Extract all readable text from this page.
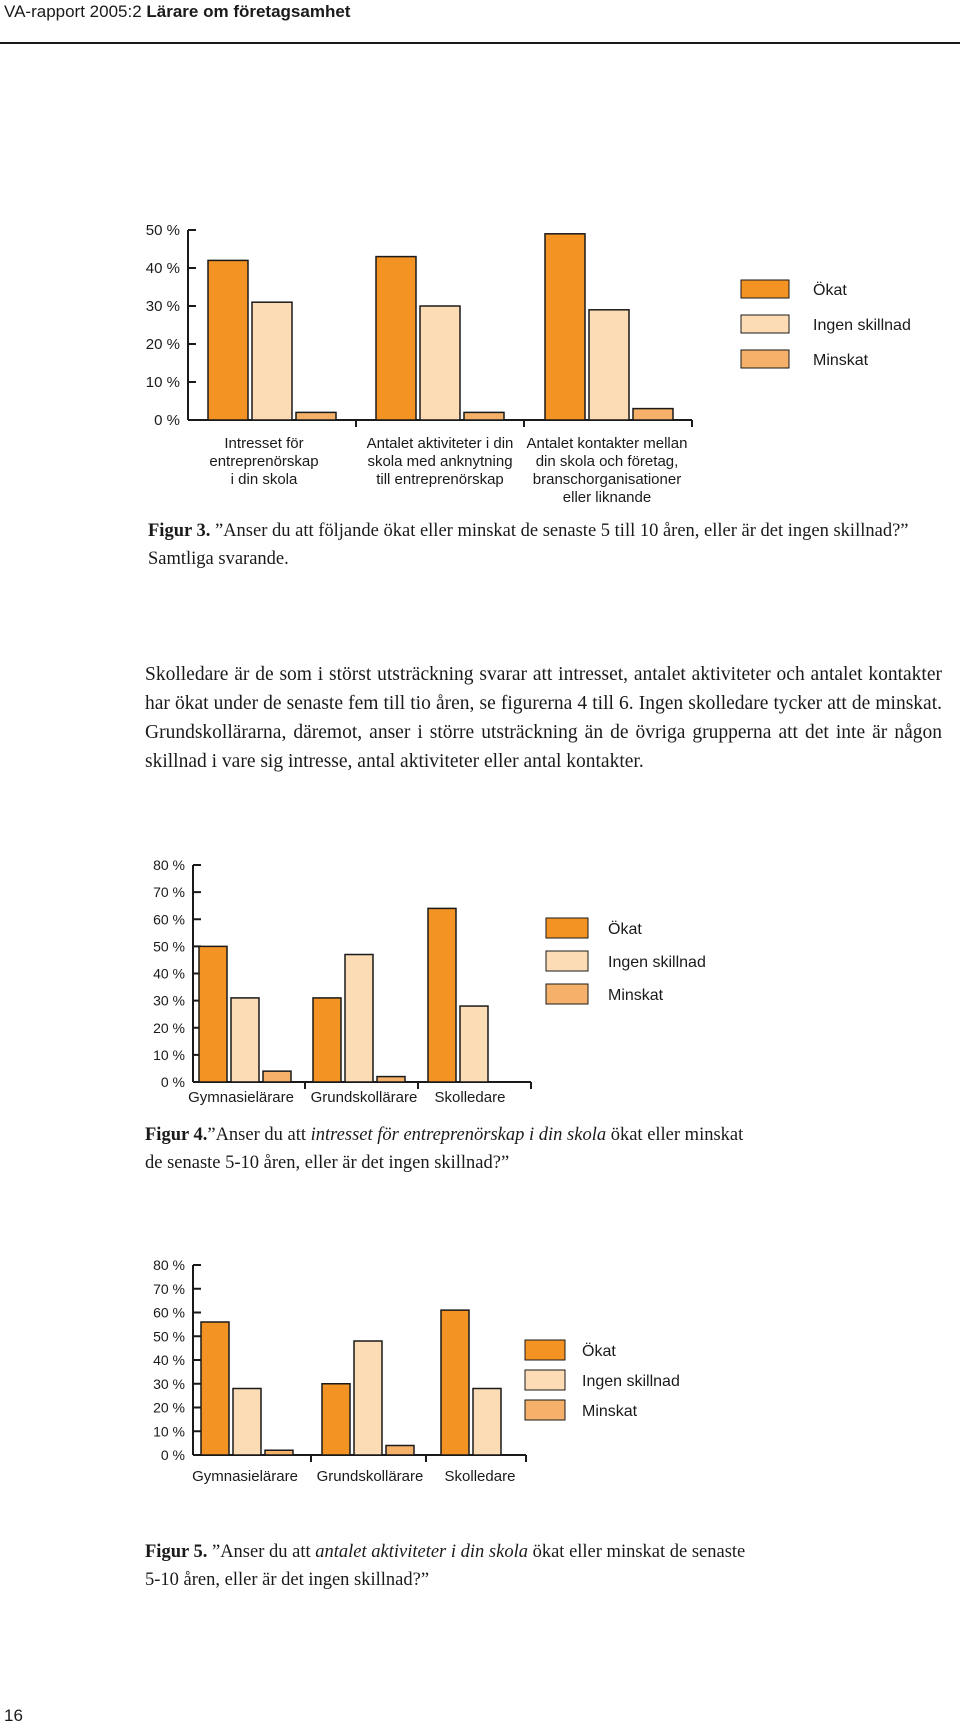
VA-rapport 2005:2 Lärare om företagsamhet
0 %
10 %
20 %
30 %
40 %
50 %
Intresset för entreprenörskap i din skola
Antalet aktiviteter i din skola med anknytning till entreprenörskap
Antalet kontakter mellan din skola och företag, branschorganisationer eller liknande
Ökat
Ingen skillnad
Minskat
Figur 3. ”Anser du att följande ökat eller minskat de senaste 5 till 10 åren, eller är det ingen skillnad?” Samtliga svarande.
Skolledare är de som i störst utsträckning svarar att intresset, antalet aktiviteter och antalet kontakter har ökat under de senaste fem till tio åren, se figurerna 4 till 6. Ingen skolledare tycker att de minskat. Grundskollärarna, däremot, anser i större utsträckning än de övriga grupperna att det inte är någon skillnad i vare sig intresse, antal aktiviteter eller antal kontakter.
0 %
10 %
20 %
30 %
40 %
50 %
60 %
70 %
80 %
Gymnasielärare Grundskollärare Skolledare
Ökat
Ingen skillnad
Minskat
Figur 4.”Anser du att intresset för entreprenörskap i din skola ökat eller minskat de senaste 5-10 åren, eller är det ingen skillnad?”
0 %
10 %
20 %
30 %
40 %
50 %
60 %
70 %
80 %
Gymnasielärare Grundskollärare Skolledare
Ökat
Ingen skillnad
Minskat
Figur 5. ”Anser du att antalet aktiviteter i din skola ökat eller minskat de senaste 5-10 åren, eller är det ingen skillnad?”
16
